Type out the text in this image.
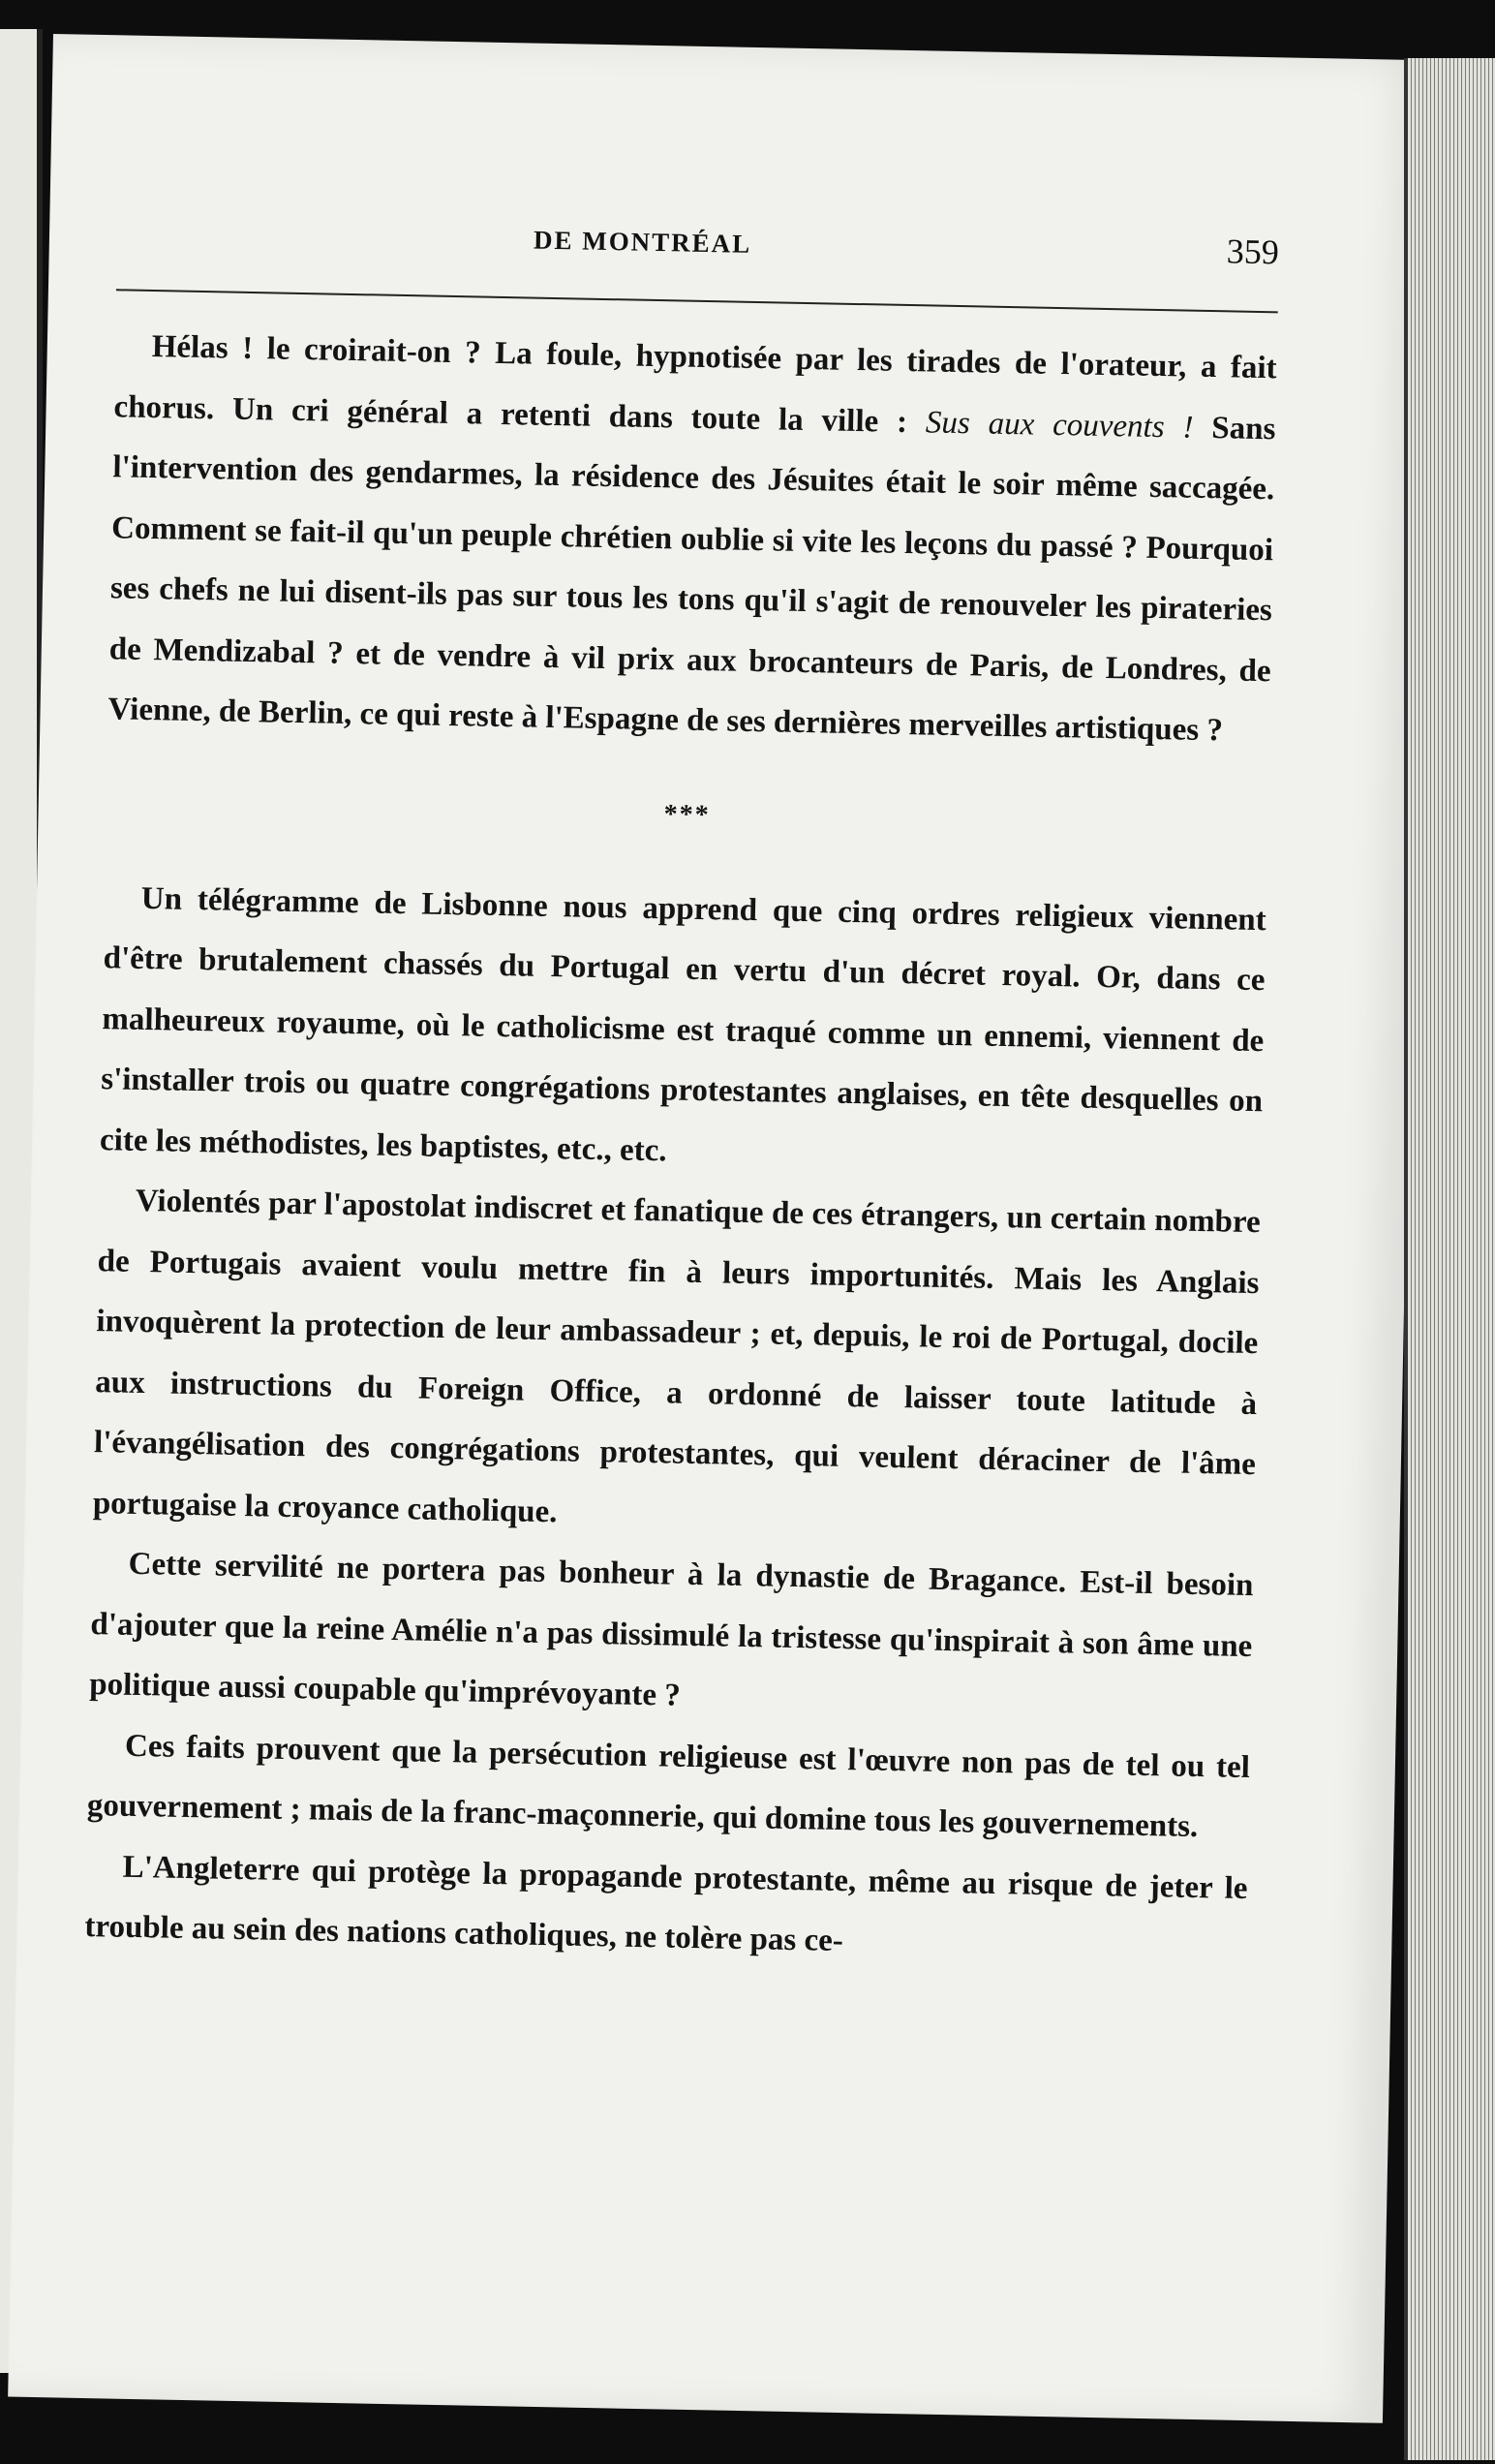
DE MONTRÉAL	359

Hélas ! le croirait-on ? La foule, hypnotisée par les tirades de l'orateur, a fait chorus. Un cri général a retenti dans toute la ville : Sus aux couvents ! Sans l'intervention des gendarmes, la résidence des Jésuites était le soir même saccagée. Comment se fait-il qu'un peuple chrétien oublie si vite les leçons du passé ? Pourquoi ses chefs ne lui disent-ils pas sur tous les tons qu'il s'agit de renouveler les pirateries de Mendizabal ? et de vendre à vil prix aux brocanteurs de Paris, de Londres, de Vienne, de Berlin, ce qui reste à l'Espagne de ses dernières merveilles artistiques ?

***

Un télégramme de Lisbonne nous apprend que cinq ordres religieux viennent d'être brutalement chassés du Portugal en vertu d'un décret royal. Or, dans ce malheureux royaume, où le catholicisme est traqué comme un ennemi, viennent de s'installer trois ou quatre congrégations protestantes anglaises, en tête desquelles on cite les méthodistes, les baptistes, etc., etc.

Violentés par l'apostolat indiscret et fanatique de ces étrangers, un certain nombre de Portugais avaient voulu mettre fin à leurs importunités. Mais les Anglais invoquèrent la protection de leur ambassadeur ; et, depuis, le roi de Portugal, docile aux instructions du Foreign Office, a ordonné de laisser toute latitude à l'évangélisation des congrégations protestantes, qui veulent déraciner de l'âme portugaise la croyance catholique.

Cette servilité ne portera pas bonheur à la dynastie de Bragance. Est-il besoin d'ajouter que la reine Amélie n'a pas dissimulé la tristesse qu'inspirait à son âme une politique aussi coupable qu'imprévoyante ?

Ces faits prouvent que la persécution religieuse est l'œuvre non pas de tel ou tel gouvernement ; mais de la franc-maçonnerie, qui domine tous les gouvernements.

L'Angleterre qui protège la propagande protestante, même au risque de jeter le trouble au sein des nations catholiques, ne tolère pas ce-
